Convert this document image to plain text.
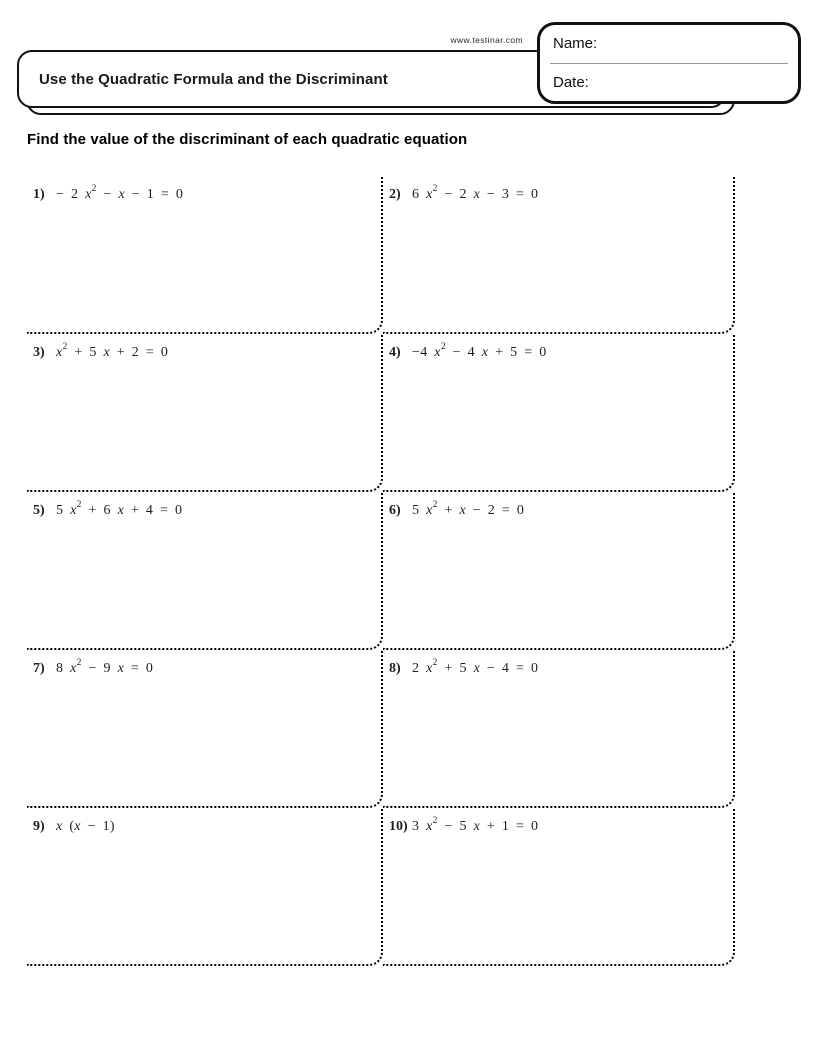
www.testinar.com
Use the Quadratic Formula and the Discriminant
Name:
Date:
Find the value of the discriminant of each quadratic equation
1) − 2 $x^2 - x - 1 = 0$	2) 6 $x^2 - 2$ x − 3 = 0
3) $x^2 + 5$ x + 2 = 0	4) −4 $x^2 - 4$ x + 5 = 0
5) 5 $x^2 + 6$ x + 4 = 0	6) 5 $x^2 + x - 2 = 0$
7) 8 $x^2 - 9$ x = 0	8) 2 $x^2 + 5$ x − 4 = 0
9) x (x − 1)	10) 3 $x^2 - 5$ x + 1 = 0
